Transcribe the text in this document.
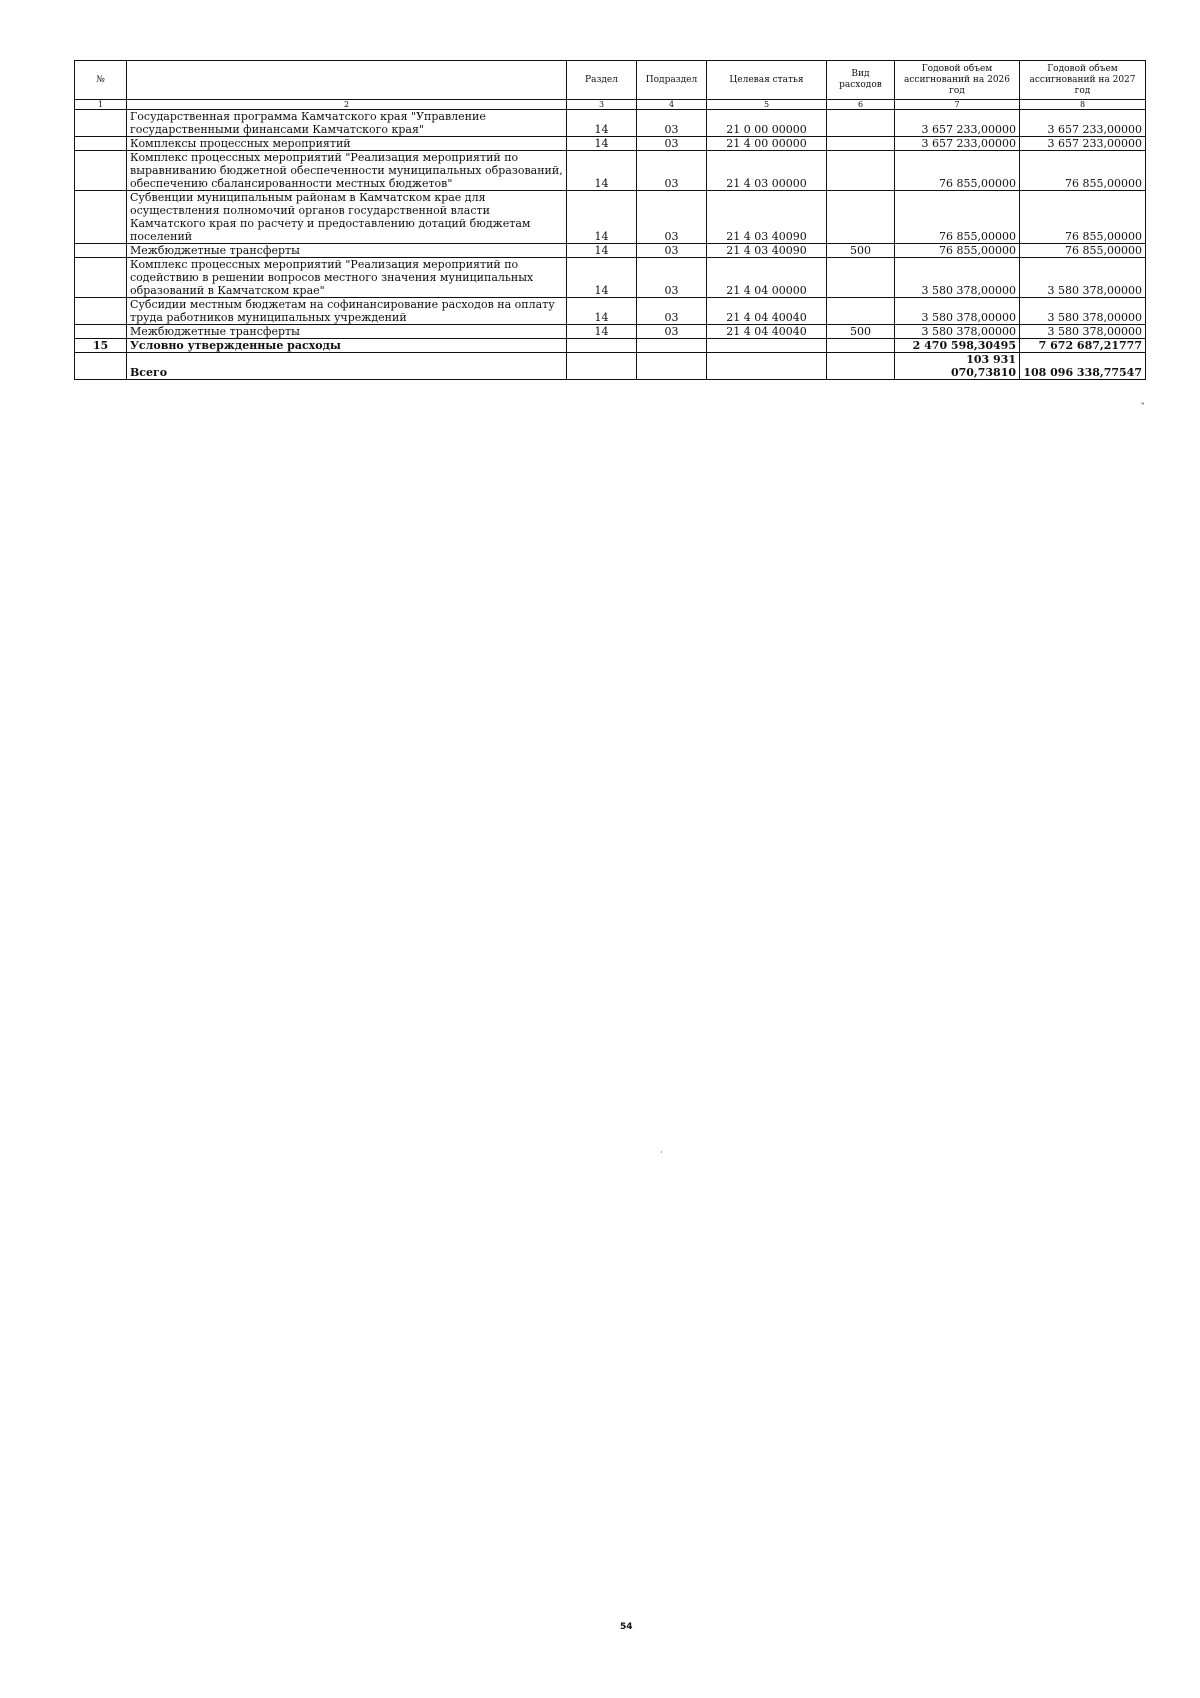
№		Раздел	Подраздел	Целевая статья	Вид расходов	Годовой объем ассигнований на 2026 год	Годовой объем ассигнований на 2027 год
1	2	3	4	5	6	7	8
	Государственная программа Камчатского края "Управление государственными финансами Камчатского края"	14	03	21 0 00 00000		3 657 233,00000	3 657 233,00000
	Комплексы процессных мероприятий	14	03	21 4 00 00000		3 657 233,00000	3 657 233,00000
	Комплекс процессных мероприятий "Реализация мероприятий по выравниванию бюджетной обеспеченности муниципальных образований, обеспечению сбалансированности местных бюджетов"	14	03	21 4 03 00000		76 855,00000	76 855,00000
	Субвенции муниципальным районам в Камчатском крае для осуществления полномочий органов государственной власти Камчатского края по расчету и предоставлению дотаций бюджетам поселений	14	03	21 4 03 40090		76 855,00000	76 855,00000
	Межбюджетные трансферты	14	03	21 4 03 40090	500	76 855,00000	76 855,00000
	Комплекс процессных мероприятий "Реализация мероприятий по содействию в решении вопросов местного значения муниципальных образований в Камчатском крае"	14	03	21 4 04 00000		3 580 378,00000	3 580 378,00000
	Субсидии местным бюджетам на софинансирование расходов на оплату труда работников муниципальных учреждений	14	03	21 4 04 40040		3 580 378,00000	3 580 378,00000
	Межбюджетные трансферты	14	03	21 4 04 40040	500	3 580 378,00000	3 580 378,00000
15	Условно утвержденные расходы					2 470 598,30495	7 672 687,21777
	Всего					103 931 070,73810	108 096 338,77547
"
·
54
